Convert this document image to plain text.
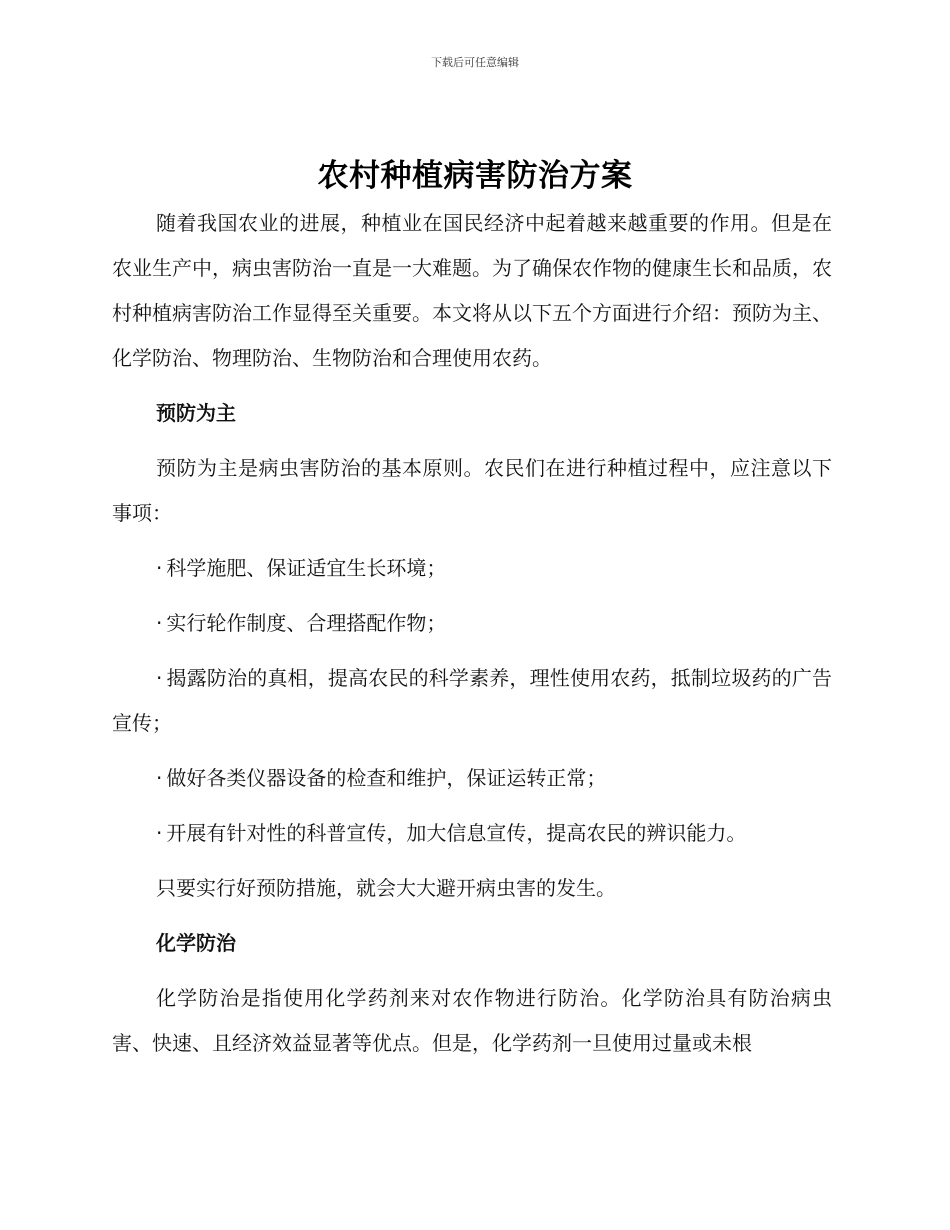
下载后可任意编辑
农村种植病害防治方案

随着我国农业的进展，种植业在国民经济中起着越来越重要的作用。但是在农业生产中，病虫害防治一直是一大难题。为了确保农作物的健康生长和品质，农村种植病害防治工作显得至关重要。本文将从以下五个方面进行介绍：预防为主、化学防治、物理防治、生物防治和合理使用农药。

预防为主

预防为主是病虫害防治的基本原则。农民们在进行种植过程中，应注意以下事项：

· 科学施肥、保证适宜生长环境；

· 实行轮作制度、合理搭配作物；

· 揭露防治的真相，提高农民的科学素养，理性使用农药，抵制垃圾药的广告宣传；

· 做好各类仪器设备的检查和维护，保证运转正常；

· 开展有针对性的科普宣传，加大信息宣传，提高农民的辨识能力。

只要实行好预防措施，就会大大避开病虫害的发生。

化学防治

化学防治是指使用化学药剂来对农作物进行防治。化学防治具有防治病虫害、快速、且经济效益显著等优点。但是，化学药剂一旦使用过量或未根
